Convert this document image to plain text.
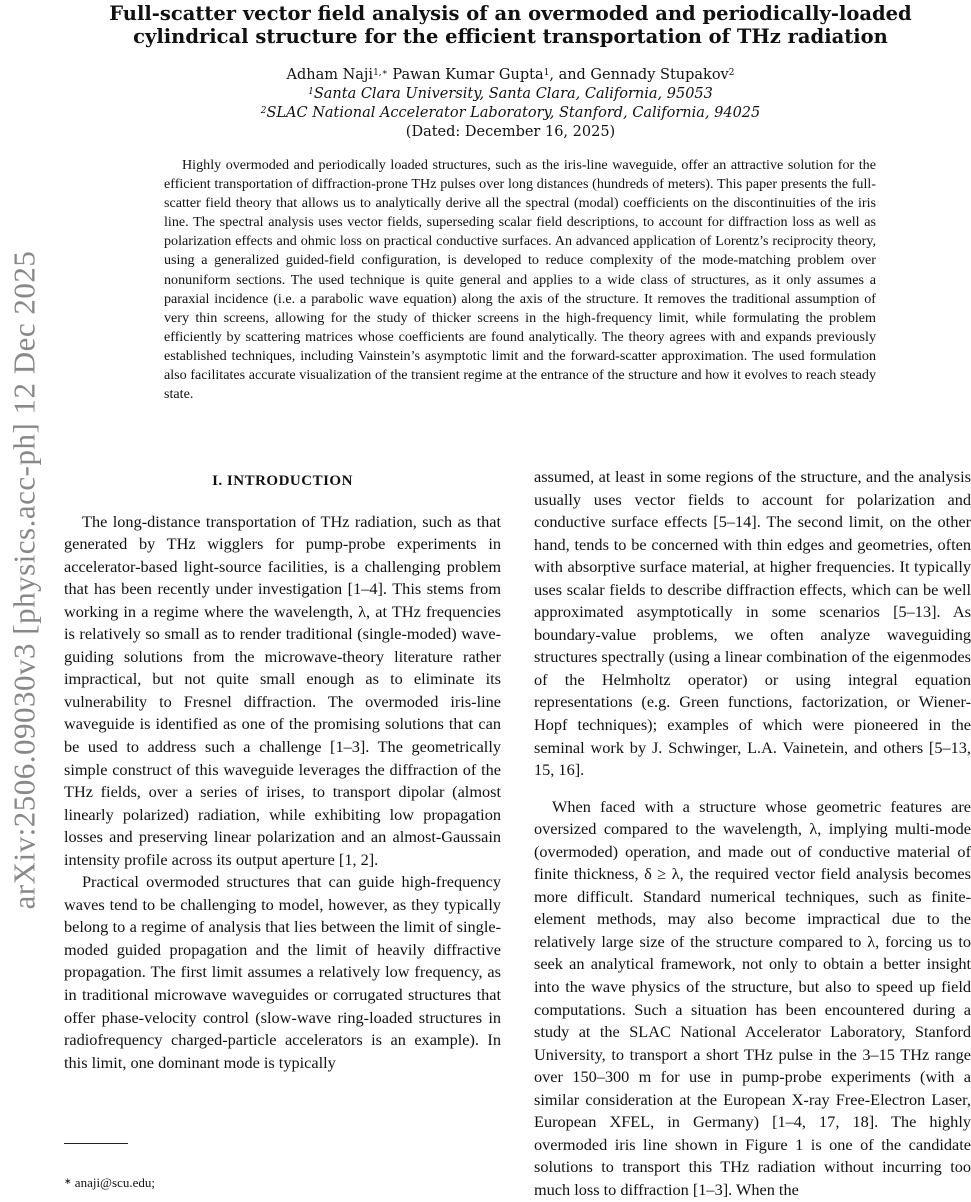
arXiv:2506.09030v3 [physics.acc-ph] 12 Dec 2025
Full-scatter vector field analysis of an overmoded and periodically-loaded
cylindrical structure for the efficient transportation of THz radiation
Adham Naji$^{1,∗}$ Pawan Kumar Gupta$^1$, and Gennady Stupakov$^2$
$^1$Santa Clara University, Santa Clara, California, 95053
$^2$SLAC National Accelerator Laboratory, Stanford, California, 94025
(Dated: December 16, 2025)

Highly overmoded and periodically loaded structures, such as the iris-line waveguide, offer an attractive solution for the efficient transportation of diffraction-prone THz pulses over long distances (hundreds of meters). This paper presents the full-scatter field theory that allows us to analytically derive all the spectral (modal) coefficients on the discontinuities of the iris line. The spectral analysis uses vector fields, superseding scalar field descriptions, to account for diffraction loss as well as polarization effects and ohmic loss on practical conductive surfaces. An advanced application of Lorentz’s reciprocity theory, using a generalized guided-field configuration, is developed to reduce complexity of the mode-matching problem over nonuniform sections. The used technique is quite general and applies to a wide class of structures, as it only assumes a paraxial incidence (i.e. a parabolic wave equation) along the axis of the structure. It removes the traditional assumption of very thin screens, allowing for the study of thicker screens in the high-frequency limit, while formulating the problem efficiently by scattering matrices whose coefficients are found analytically. The theory agrees with and expands previously established techniques, including Vainstein’s asymptotic limit and the forward-scatter approximation. The used formulation also facilitates accurate visualization of the transient regime at the entrance of the structure and how it evolves to reach steady state.

I. INTRODUCTION

The long-distance transportation of THz radiation, such as that generated by THz wigglers for pump-probe experiments in accelerator-based light-source facilities, is a challenging problem that has been recently under investigation [1–4]. This stems from working in a regime where the wavelength, λ, at THz frequencies is relatively so small as to render traditional (single-moded) wave-guiding solutions from the microwave-theory literature rather impractical, but not quite small enough as to eliminate its vulnerability to Fresnel diffraction. The overmoded iris-line waveguide is identified as one of the promising solutions that can be used to address such a challenge [1–3]. The geometrically simple construct of this waveguide leverages the diffraction of the THz fields, over a series of irises, to transport dipolar (almost linearly polarized) radiation, while exhibiting low propagation losses and preserving linear polarization and an almost-Gaussain intensity profile across its output aperture [1, 2].

Practical overmoded structures that can guide high-frequency waves tend to be challenging to model, however, as they typically belong to a regime of analysis that lies between the limit of single-moded guided propagation and the limit of heavily diffractive propagation. The first limit assumes a relatively low frequency, as in traditional microwave waveguides or corrugated structures that offer phase-velocity control (slow-wave ring-loaded structures in radiofrequency charged-particle accelerators is an example). In this limit, one dominant mode is typically

assumed, at least in some regions of the structure, and the analysis usually uses vector fields to account for polarization and conductive surface effects [5–14]. The second limit, on the other hand, tends to be concerned with thin edges and geometries, often with absorptive surface material, at higher frequencies. It typically uses scalar fields to describe diffraction effects, which can be well approximated asymptotically in some scenarios [5–13]. As boundary-value problems, we often analyze waveguiding structures spectrally (using a linear combination of the eigenmodes of the Helmholtz operator) or using integral equation representations (e.g. Green functions, factorization, or Wiener-Hopf techniques); examples of which were pioneered in the seminal work by J. Schwinger, L.A. Vainetein, and others [5–13, 15, 16].

When faced with a structure whose geometric features are oversized compared to the wavelength, λ, implying multi-mode (overmoded) operation, and made out of conductive material of finite thickness, δ ≥ λ, the required vector field analysis becomes more difficult. Standard numerical techniques, such as finite-element methods, may also become impractical due to the relatively large size of the structure compared to λ, forcing us to seek an analytical framework, not only to obtain a better insight into the wave physics of the structure, but also to speed up field computations. Such a situation has been encountered during a study at the SLAC National Accelerator Laboratory, Stanford University, to transport a short THz pulse in the 3–15 THz range over 150–300 m for use in pump-probe experiments (with a similar consideration at the European X-ray Free-Electron Laser, European XFEL, in Germany) [1–4, 17, 18]. The highly overmoded iris line shown in Figure 1 is one of the candidate solutions to transport this THz radiation without incurring too much loss to diffraction [1–3]. When the

∗ anaji@scu.edu;
